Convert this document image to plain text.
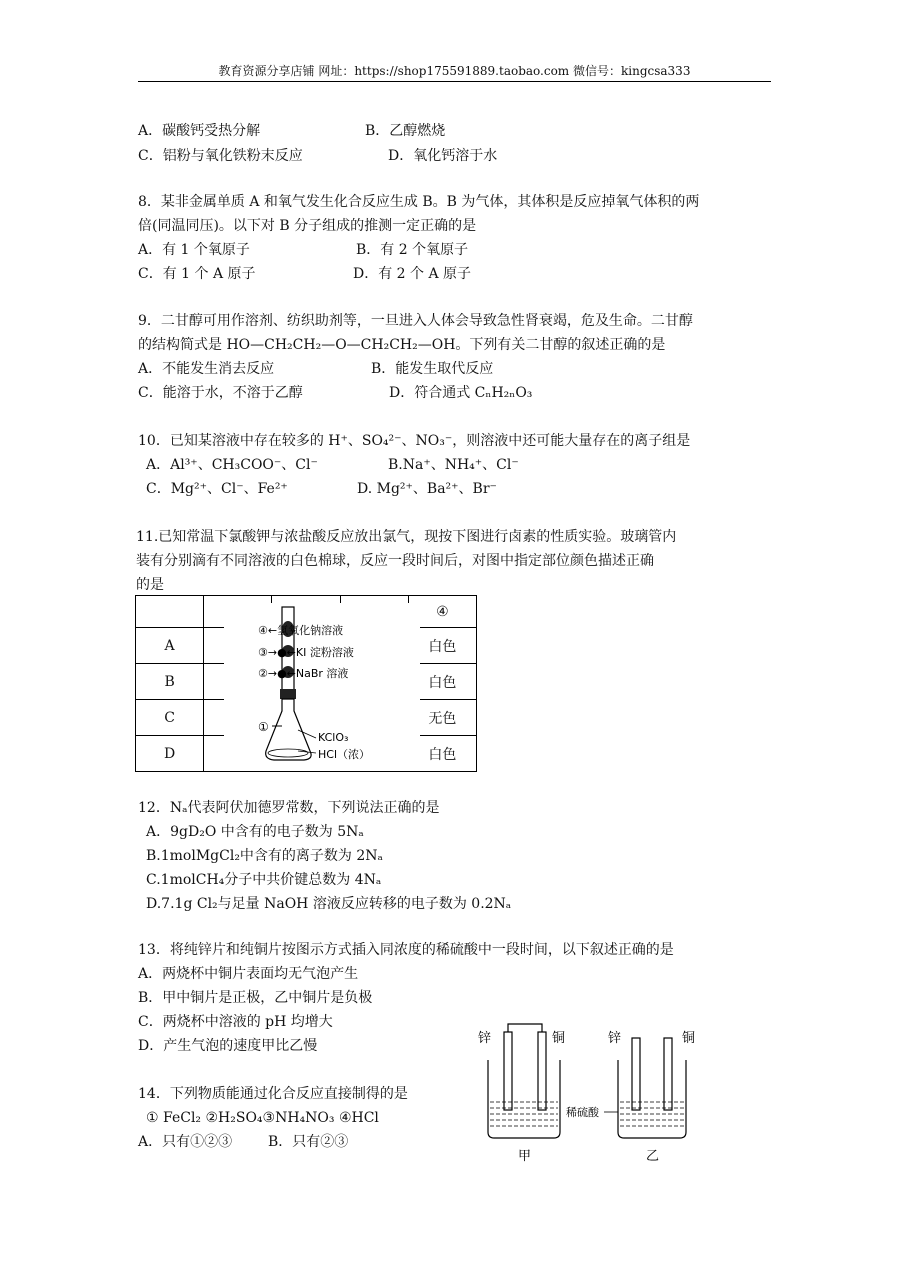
教育资源分享店铺 网址：https://shop175591889.taobao.com 微信号：kingcsa333
A．碳酸钙受热分解	B．乙醇燃烧
C．铝粉与氧化铁粉末反应	D．氧化钙溶于水
8．某非金属单质 A 和氧气发生化合反应生成 B。B 为气体，其体积是反应掉氧气体积的两
倍(同温同压)。以下对 B 分子组成的推测一定正确的是
A．有 1 个氧原子	B．有 2 个氧原子
C．有 1 个 A 原子	D．有 2 个 A 原子
9．二甘醇可用作溶剂、纺织助剂等，一旦进入人体会导致急性肾衰竭，危及生命。二甘醇
的结构简式是 HO—CH₂CH₂—O—CH₂CH₂—OH。下列有关二甘醇的叙述正确的是
A．不能发生消去反应	B．能发生取代反应
C．能溶于水，不溶于乙醇	D．符合通式 CₙH₂ₙO₃
10．已知某溶液中存在较多的 H⁺、SO₄²⁻、NO₃⁻，则溶液中还可能大量存在的离子组是
A．Al³⁺、CH₃COO⁻、Cl⁻	B.Na⁺、NH₄⁺、Cl⁻
C．Mg²⁺、Cl⁻、Fe²⁺	D. Mg²⁺、Ba²⁺、Br⁻
11.已知常温下氯酸钾与浓盐酸反应放出氯气，现按下图进行卤素的性质实验。玻璃管内
装有分别滴有不同溶液的白色棉球，反应一段时间后，对图中指定部位颜色描述正确
的是
				④
A				白色
B				白色
C				无色
D				白色
④←氢氧化钠溶液
③→●←KI 淀粉溶液
②→●←NaBr 溶液
①
KClO₃
HCl（浓）
12．Nₐ代表阿伏加德罗常数，下列说法正确的是
A．9gD₂O 中含有的电子数为 5Nₐ
B.1molMgCl₂中含有的离子数为 2Nₐ
C.1molCH₄分子中共价键总数为 4Nₐ
D.7.1g Cl₂与足量 NaOH 溶液反应转移的电子数为 0.2Nₐ
13．将纯锌片和纯铜片按图示方式插入同浓度的稀硫酸中一段时间，以下叙述正确的是
A．两烧杯中铜片表面均无气泡产生
B．甲中铜片是正极，乙中铜片是负极
C．两烧杯中溶液的 pH 均增大
D．产生气泡的速度甲比乙慢	锌	铜
甲
稀硫酸
锌	铜
乙
14．下列物质能通过化合反应直接制得的是
① FeCl₂ ②H₂SO₄③NH₄NO₃ ④HCl
A．只有①②③	B．只有②③
